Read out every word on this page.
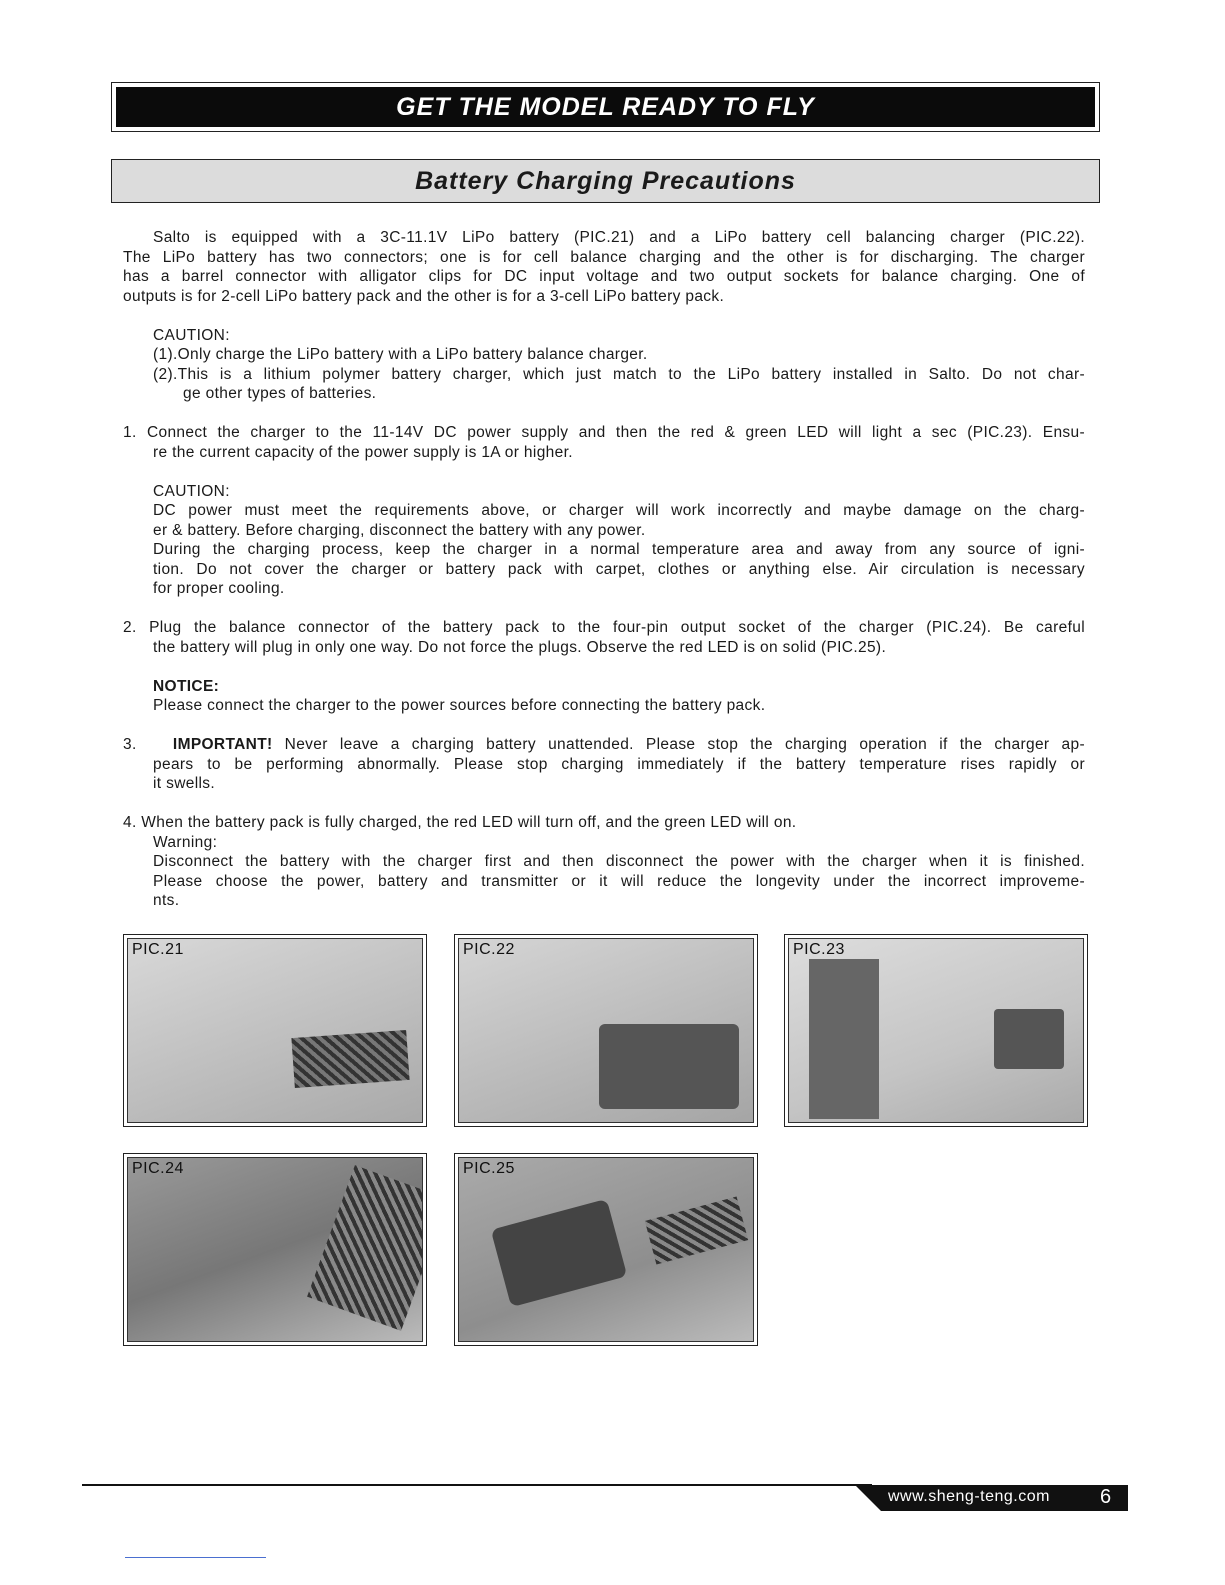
GET THE MODEL READY TO FLY
Battery Charging Precautions
Salto is equipped with a 3C-11.1V LiPo battery (PIC.21) and a LiPo battery cell balancing charger (PIC.22).
The LiPo battery has two connectors; one is for cell balance charging and the other is for discharging. The charger
has a barrel connector with alligator clips for DC input voltage and two output sockets for balance charging. One of
outputs is for 2-cell LiPo battery pack and the other is for a 3-cell LiPo battery pack.
CAUTION:
(1).Only charge the LiPo battery with a LiPo battery balance charger.
(2).This is a lithium polymer battery charger, which just match to the LiPo battery installed in Salto. Do not char-
ge other types of batteries.
1. Connect the charger to the 11-14V DC power supply and then the red & green LED will light a sec (PIC.23). Ensu-
re the current capacity of the power supply is 1A or higher.
CAUTION:
DC power must meet the requirements above, or charger will work incorrectly and maybe damage on the charg-
er & battery. Before charging, disconnect the battery with any power.
During the charging process, keep the charger in a normal temperature area and away from any source of igni-
tion. Do not cover the charger or battery pack with carpet, clothes or anything else. Air circulation is necessary
for proper cooling.
2. Plug the balance connector of the battery pack to the four-pin output socket of the charger (PIC.24). Be careful
the battery will plug in only one way. Do not force the plugs. Observe the red LED is on solid (PIC.25).
NOTICE:
Please connect the charger to the power sources before connecting the battery pack.
3.   IMPORTANT! Never leave a charging battery unattended. Please stop the charging operation if the charger ap-
pears to be performing abnormally. Please stop charging immediately if the battery temperature rises rapidly or
it swells.
4. When the battery pack is fully charged, the red LED will turn off, and the green LED will on.
Warning:
Disconnect the battery with the charger first and then disconnect the power with the charger when it is finished.
Please choose the power, battery and transmitter or it will reduce the longevity under the incorrect improveme-
nts.
PIC.21	PIC.22	PIC.23
PIC.24	PIC.25
www.sheng-teng.com	6
